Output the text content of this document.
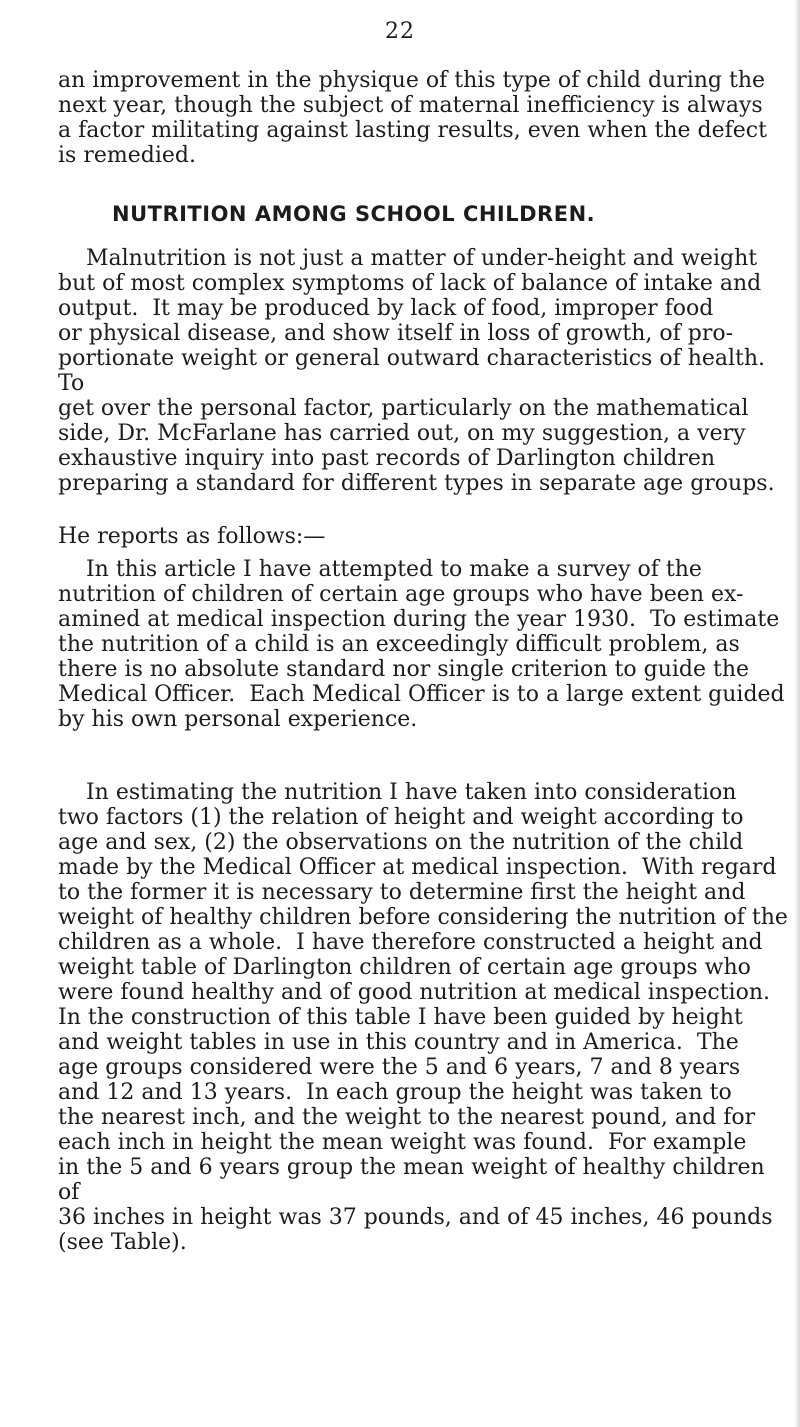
22

an improvement in the physique of this type of child during the
next year, though the subject of maternal inefficiency is always
a factor militating against lasting results, even when the defect
is remedied.

NUTRITION AMONG SCHOOL CHILDREN.

Malnutrition is not just a matter of under-height and weight
but of most complex symptoms of lack of balance of intake and
output.  It may be produced by lack of food, improper food
or physical disease, and show itself in loss of growth, of pro-
portionate weight or general outward characteristics of health.  To
get over the personal factor, particularly on the mathematical
side, Dr. McFarlane has carried out, on my suggestion, a very
exhaustive inquiry into past records of Darlington children
preparing a standard for different types in separate age groups.

He reports as follows:—

In this article I have attempted to make a survey of the
nutrition of children of certain age groups who have been ex-
amined at medical inspection during the year 1930.  To estimate
the nutrition of a child is an exceedingly difficult problem, as
there is no absolute standard nor single criterion to guide the
Medical Officer.  Each Medical Officer is to a large extent guided
by his own personal experience.

In estimating the nutrition I have taken into consideration
two factors (1) the relation of height and weight according to
age and sex, (2) the observations on the nutrition of the child
made by the Medical Officer at medical inspection.  With regard
to the former it is necessary to determine first the height and
weight of healthy children before considering the nutrition of the
children as a whole.  I have therefore constructed a height and
weight table of Darlington children of certain age groups who
were found healthy and of good nutrition at medical inspection.
In the construction of this table I have been guided by height
and weight tables in use in this country and in America.  The
age groups considered were the 5 and 6 years, 7 and 8 years
and 12 and 13 years.  In each group the height was taken to
the nearest inch, and the weight to the nearest pound, and for
each inch in height the mean weight was found.  For example
in the 5 and 6 years group the mean weight of healthy children of
36 inches in height was 37 pounds, and of 45 inches, 46 pounds
(see Table).
